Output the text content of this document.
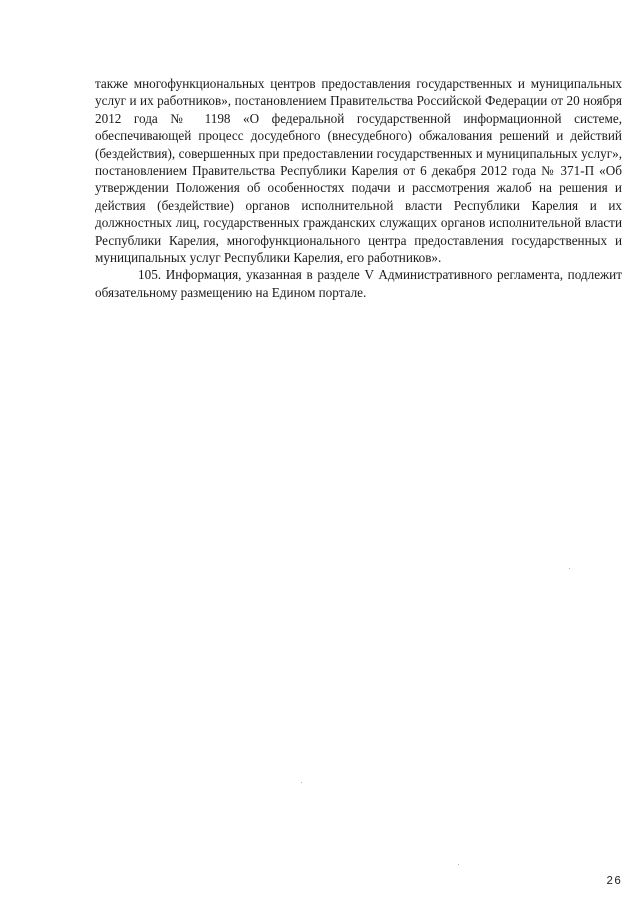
также многофункциональных центров предоставления государственных и муниципальных услуг и их работников», постановлением Правительства Российской Федерации от 20 ноября 2012 года № 1198 «О федеральной государственной информационной системе, обеспечивающей процесс досудебного (внесудебного) обжалования решений и действий (бездействия), совершенных при предоставлении государственных и муниципальных услуг», постановлением Правительства Республики Карелия от 6 декабря 2012 года № 371-П «Об утверждении Положения об особенностях подачи и рассмотрения жалоб на решения и действия (бездействие) органов исполнительной власти Республики Карелия и их должностных лиц, государственных гражданских служащих органов исполнительной власти Республики Карелия, многофункционального центра предоставления государственных и муниципальных услуг Республики Карелия, его работников».

105. Информация, указанная в разделе V Административного регламента, подлежит обязательному размещению на Едином портале.

26
